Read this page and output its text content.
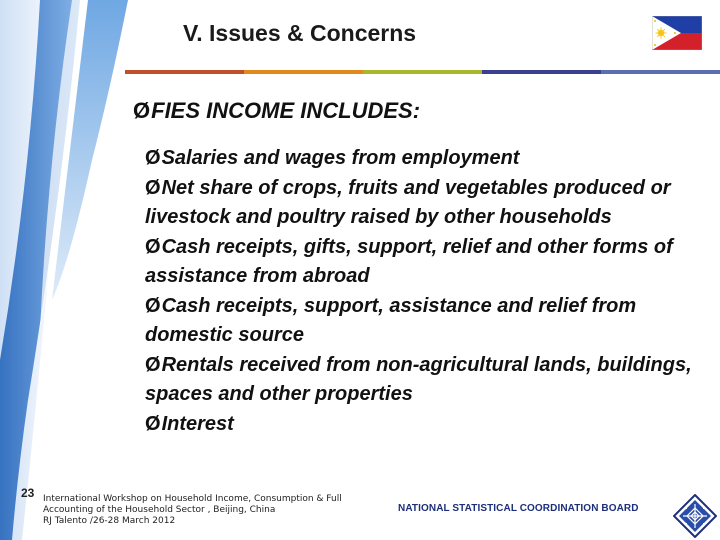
V. Issues & Concerns
ØFIES INCOME INCLUDES:
ØSalaries and wages from employment
ØNet share of crops, fruits and vegetables produced or livestock and poultry raised by other households
ØCash receipts, gifts, support, relief and other forms of assistance from abroad
ØCash receipts, support, assistance and relief from domestic source
ØRentals received from non-agricultural lands, buildings, spaces and other properties
ØInterest
23 International Workshop on Household Income, Consumption & Full
Accounting of the Household Sector , Beijing, China
RJ Talento /26-28 March 2012
NATIONAL STATISTICAL COORDINATION BOARD
